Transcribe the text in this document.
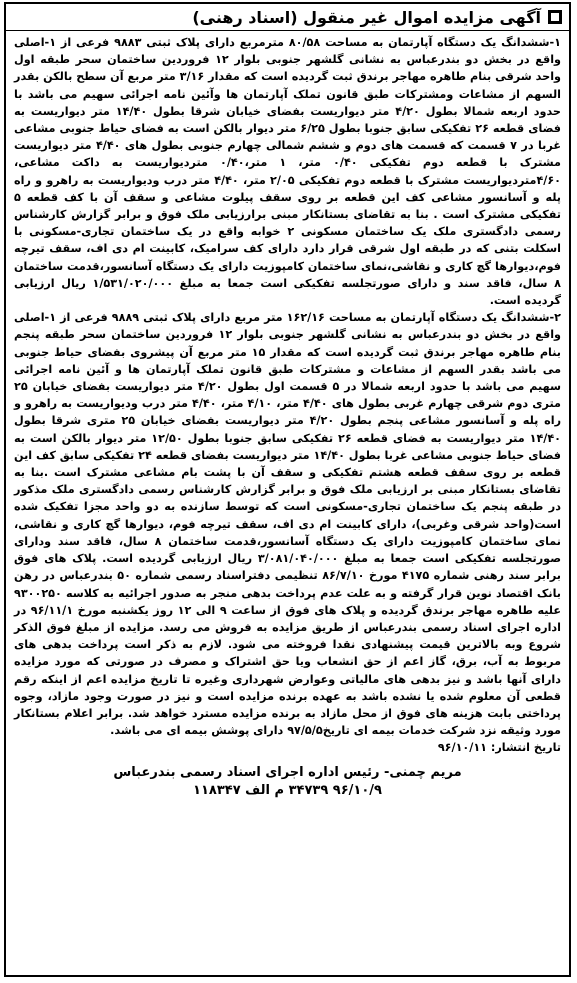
آگهی مزایده اموال غیر منقول (اسناد رهنی)

۱-ششدانگ یک دستگاه آپارتمان به مساحت ۸۰/۵۸ مترمربع دارای پلاک ثبتی ۹۸۸۳ فرعی از ۱-اصلی واقع در بخش دو بندرعباس به نشانی گلشهر جنوبی بلوار ۱۲ فروردین ساختمان سحر طبقه اول واحد شرقی بنام طاهره مهاجر برندق ثبت گردیده است که مقدار ۳/۱۶ متر مربع آن سطح بالکن بقدر السهم از مشاعات ومشترکات طبق قانون تملک آپارتمان ها وآئین نامه اجرائی سهیم می باشد با حدود اربعه شمالا بطول ۴/۲۰ متر دیواریست بفضای خیابان شرقا بطول ۱۴/۴۰ متر دیواریست به فضای قطعه ۲۶ تفکیکی سابق جنوبا بطول ۶/۲۵ متر دیوار بالکن است به فضای حیاط جنوبی مشاعی غربا در ۷ قسمت که قسمت های دوم و ششم شمالی چهارم جنوبی بطول های ۴/۴۰ متر دیواریست مشترک با قطعه دوم تفکیکی ۰/۴۰ متر، ۱ متر،۰/۴۰ متردیواریست به داکت مشاعی، ۴/۶۰متردیواریست مشترک با قطعه دوم تفکیکی ۲/۰۵ متر، ۴/۴۰ متر درب ودیواریست به راهرو و راه پله و آسانسور مشاعی کف این قطعه بر روی سقف پیلوت مشاعی و سقف آن با کف قطعه ۵ تفکیکی مشترک است . بنا به تقاضای بستانکار مبنی برارزیابی ملک فوق و برابر گزارش کارشناس رسمی دادگستری ملک یک ساختمان مسکونی ۲ خوابه واقع در یک ساختمان تجاری-مسکونی با اسکلت بتنی که در طبقه اول شرقی قرار دارد دارای کف سرامیک، کابینت ام دی اف، سقف تیرچه فوم،دیوارها گچ کاری و نقاشی،نمای ساختمان کامپوزیت دارای یک دستگاه آسانسور،قدمت ساختمان ۸ سال، فاقد سند و دارای صورتجلسه تفکیکی است جمعا به مبلغ ۱/۵۳۱/۰۲۰/۰۰۰ ریال ارزیابی گردیده است.

۲-ششدانگ یک دستگاه آپارتمان به مساحت ۱۶۲/۱۶ متر مربع دارای پلاک ثبتی ۹۸۸۹ فرعی از ۱-اصلی واقع در بخش دو بندرعباس به نشانی گلشهر جنوبی بلوار ۱۲ فروردین ساختمان سحر طبقه پنجم بنام طاهره مهاجر برندق ثبت گردیده است که مقدار ۱۵ متر مربع آن پیشروی بفضای حیاط جنوبی می باشد بقدر السهم از مشاعات و مشترکات طبق قانون تملک آپارتمان ها و آئین نامه اجرائی سهیم می باشد با حدود اربعه شمالا در ۵ قسمت اول بطول ۴/۲۰ متر دیواریست بفضای خیابان ۲۵ متری دوم شرقی چهارم غربی بطول های ۴/۴۰ متر، ۴/۱۰ متر، ۴/۴۰ متر درب ودیواریست به راهرو و راه پله و آسانسور مشاعی پنجم بطول ۴/۲۰ متر دیواریست بفضای خیابان ۲۵ متری شرقا بطول ۱۴/۴۰ متر دیواریست به فضای قطعه ۲۶ تفکیکی سابق جنوبا بطول ۱۲/۵۰ متر دیوار بالکن است به فضای حیاط جنوبی مشاعی غربا بطول ۱۴/۴۰ متر دیواریست بفضای قطعه ۲۴ تفکیکی سابق کف این قطعه بر روی سقف قطعه هشتم تفکیکی و سقف آن با پشت بام مشاعی مشترک است .بنا به تقاضای بستانکار مبنی بر ارزیابی ملک فوق و برابر گزارش کارشناس رسمی دادگستری ملک مذکور در طبقه پنجم یک ساختمان تجاری-مسکونی است که توسط سازنده به دو واحد مجزا تفکیک شده است(واحد شرقی وغربی)، دارای کابینت ام دی اف، سقف تیرچه فوم، دیوارها گچ کاری و نقاشی، نمای ساختمان کامپوزیت دارای یک دستگاه آسانسور،قدمت ساختمان ۸ سال، فاقد سند ودارای صورتجلسه تفکیکی است جمعا به مبلغ ۳/۰۸۱/۰۴۰/۰۰۰ ریال ارزیابی گردیده است. پلاک های فوق برابر سند رهنی شماره ۴۱۷۵ مورخ ۸۶/۷/۱۰ تنظیمی دفتراسناد رسمی شماره ۵۰ بندرعباس در رهن بانک اقتصاد نوین قرار گرفته و به علت عدم پرداخت بدهی منجر به صدور اجرائیه به کلاسه ۹۳۰۰۲۵۰ علیه طاهره مهاجر برندق گردیده و پلاک های فوق از ساعت ۹ الی ۱۲ روز یکشنبه مورخ ۹۶/۱۱/۱ در اداره اجرای اسناد رسمی بندرعباس از طریق مزایده به فروش می رسد. مزایده از مبلغ فوق الذکر شروع وبه بالاترین قیمت پیشنهادی نقدا فروخته می شود. لازم به ذکر است پرداخت بدهی های مربوط به آب، برق، گاز اعم از حق انشعاب ویا حق اشتراک و مصرف در صورتی که مورد مزایده دارای آنها باشد و نیز بدهی های مالیاتی وعوارض شهرداری وغیره تا تاریخ مزایده اعم از اینکه رقم قطعی آن معلوم شده یا نشده باشد به عهده برنده مزایده است و نیز در صورت وجود مازاد، وجوه پرداختی بابت هزینه های فوق از محل مازاد به برنده مزایده مسترد خواهد شد. برابر اعلام بستانکار مورد وثیقه نزد شرکت خدمات بیمه ای تاریخ۹۷/۵/۵ دارای پوشش بیمه ای می باشد.

تاریخ انتشار: ۹۶/۱۰/۱۱

مریم چمنی- رئیس اداره اجرای اسناد رسمی بندرعباس
۹۶/۱۰/۹ ۳۴۷۳۹ م الف ۱۱۸۳۴۷
